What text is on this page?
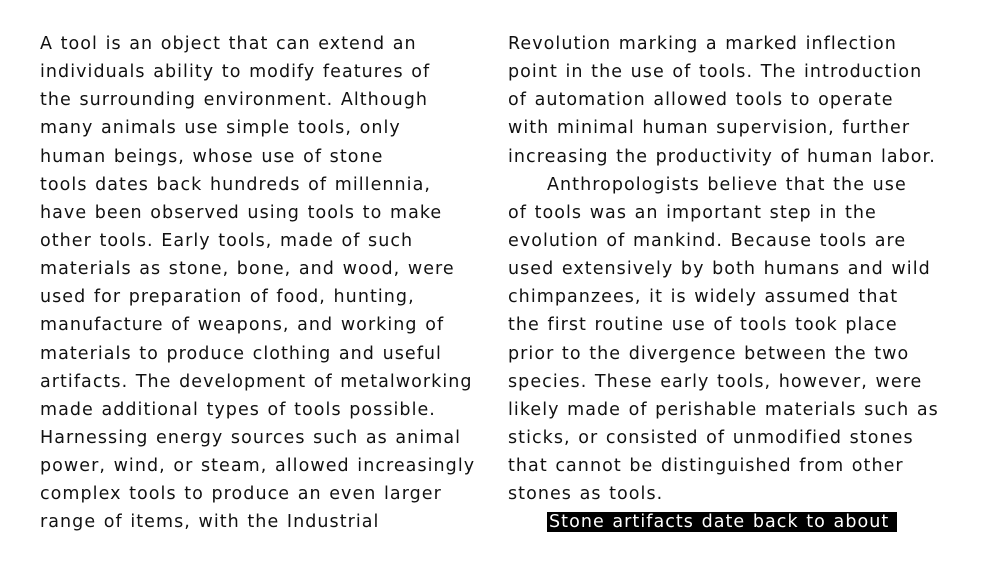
A tool is an object that can extend an
individuals ability to modify features of
the surrounding environment. Although
many animals use simple tools, only
human beings, whose use of stone
tools dates back hundreds of millennia,
have been observed using tools to make
other tools. Early tools, made of such
materials as stone, bone, and wood, were
used for preparation of food, hunting,
manufacture of weapons, and working of
materials to produce clothing and useful
artifacts. The development of metalworking
made additional types of tools possible.
Harnessing energy sources such as animal
power, wind, or steam, allowed increasingly
complex tools to produce an even larger
range of items, with the Industrial
Revolution marking a marked inflection
point in the use of tools. The introduction
of automation allowed tools to operate
with minimal human supervision, further
increasing the productivity of human labor.
Anthropologists believe that the use
of tools was an important step in the
evolution of mankind. Because tools are
used extensively by both humans and wild
chimpanzees, it is widely assumed that
the first routine use of tools took place
prior to the divergence between the two
species. These early tools, however, were
likely made of perishable materials such as
sticks, or consisted of unmodified stones
that cannot be distinguished from other
stones as tools.
Stone artifacts date back to about
